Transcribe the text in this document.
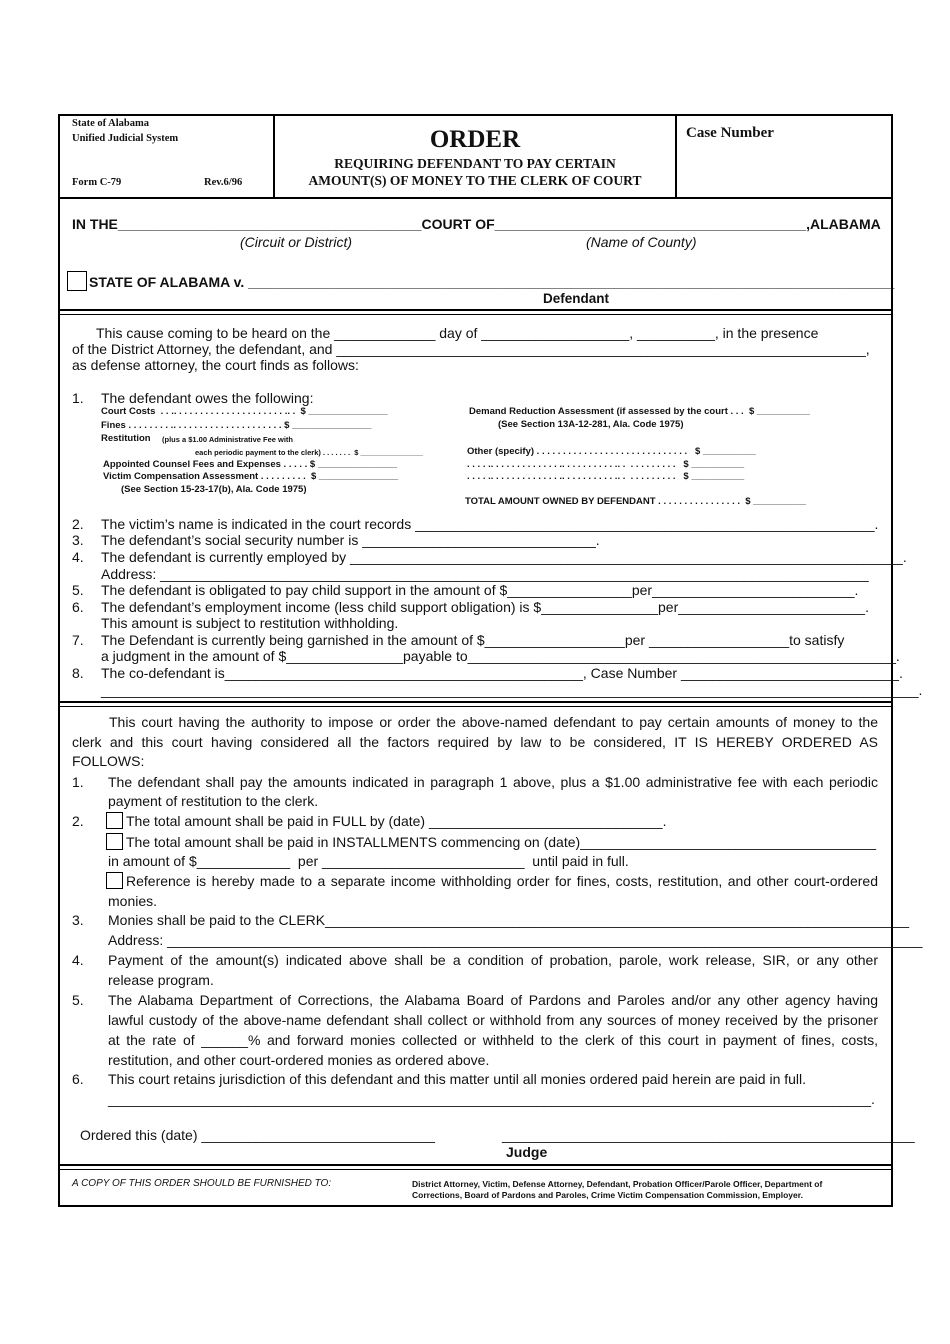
State of Alabama
Unified Judicial System
Form C-79	Rev.6/96
ORDER
REQUIRING DEFENDANT TO PAY CERTAIN
AMOUNT(S) OF MONEY TO THE CLERK OF COURT
Case Number
IN THE_______________________________________COURT OF________________________________________,ALABAMA
(Circuit or District)	(Name of County)
STATE OF ALABAMA v. ___________________________________________________________________________________
Defendant
This cause coming to be heard on the _____________ day of ___________________, __________, in the presence
of the District Attorney, the defendant, and ____________________________________________________________________,
as defense attorney, the court finds as follows:
1. The defendant owes the following:
Court Costs  . . .. . . . . . . . . . . . . . . . . . . . . .. .  $ _______________
Fines . . . . . . . . .. . . . . . . . . . . . . . . . . . . . . $ _______________
Restitution (plus a $1.00 Administrative Fee with
each periodic payment to the clerk) . . . . . . .  $ _______________
Appointed Counsel Fees and Expenses . . . . . $ _______________
Victim Compensation Assessment . . . . . . . . .  $ _______________
(See Section 15-23-17(b), Ala. Code 1975)
Demand Reduction Assessment (if assessed by the court . . .  $ __________
(See Section 13A-12-281, Ala. Code 1975)
Other (specify) . . . . . . . . . . . . . . . . . . . . . . . . . . . . .   $ __________
. . . . .. . . . . . . . . . . . . .. . . . . . . . . . .. .  . . . . . . . . .   $ __________
. . . . .. . . . . . . . . . . . . .. . . . . . . . . . .. .  . . . . . . . . .   $ __________
TOTAL AMOUNT OWNED BY DEFENDANT . . . . . . . . . . . . . . . .  $ __________
2. The victim’s name is indicated in the court records ___________________________________________________________.
3. The defendant’s social security number is ______________________________.
4. The defendant is currently employed by _______________________________________________________________________.
Address: ___________________________________________________________________________________________
5. The defendant is obligated to pay child support in the amount of $________________per__________________________.
6. The defendant’s employment income (less child support obligation) is $_______________per________________________.
This amount is subject to restitution withholding.
7. The Defendant is currently being garnished in the amount of $__________________per __________________to satisfy
a judgment in the amount of $_______________payable to_______________________________________________________.
8. The co-defendant is______________________________________________, Case Number ____________________________.
_________________________________________________________________________________________________________.
This court having the authority to impose or order the above-named defendant to pay certain amounts of money to the
clerk and this court having considered all the factors required by law to be considered, IT IS HEREBY ORDERED AS
FOLLOWS:
1. The defendant shall pay the amounts indicated in paragraph 1 above, plus a $1.00 administrative fee with each periodic
payment of restitution to the clerk.
2.	The total amount shall be paid in FULL by (date) ______________________________.
The total amount shall be paid in INSTALLMENTS commencing on (date)______________________________________
in amount of $____________  per __________________________  until paid in full.
Reference is hereby made to a separate income withholding order for fines, costs, restitution, and other court-ordered
monies.
3. Monies shall be paid to the CLERK___________________________________________________________________________
Address: _________________________________________________________________________________________________
4. Payment of the amount(s) indicated above shall be a condition of probation, parole, work release, SIR, or any other
release program.
5. The Alabama Department of Corrections, the Alabama Board of Pardons and Paroles and/or any other agency having
lawful custody of the above-name defendant shall collect or withhold from any sources of money received by the prisoner
at the rate of ______% and forward monies collected or withheld to the clerk of this court in payment of fines, costs,
restitution, and other court-ordered monies as ordered above.
6. This court retains jurisdiction of this defendant and this matter until all monies ordered paid herein are paid in full.
__________________________________________________________________________________________________.
Ordered this (date) ______________________________	_____________________________________________________
Judge
A COPY OF THIS ORDER SHOULD BE FURNISHED TO:	District Attorney, Victim, Defense Attorney, Defendant, Probation Officer/Parole Officer, Department of
Corrections, Board of Pardons and Paroles, Crime Victim Compensation Commission, Employer.
